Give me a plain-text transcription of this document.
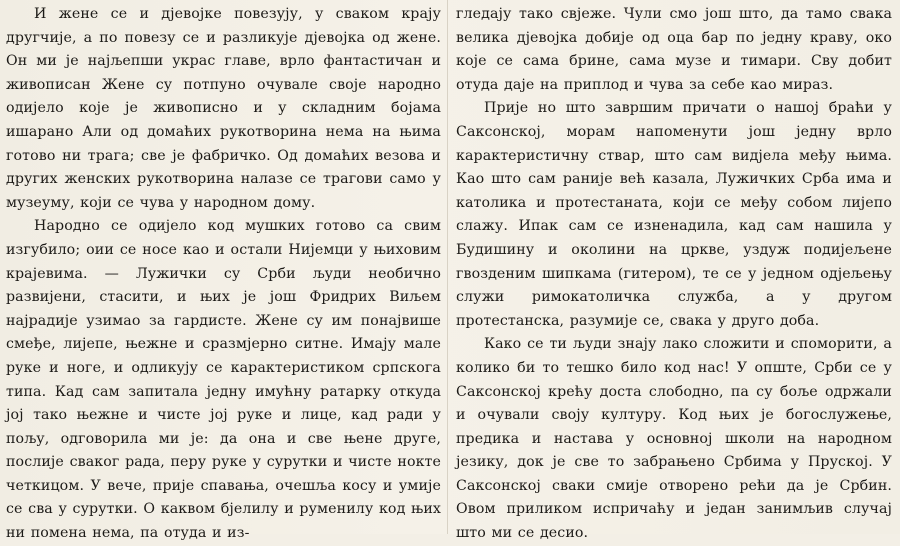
И жене се и дјевојке повезују, у сваком крају другчије, а по повезу се и разликује дјевојка од жене. Он ми је најљепши украс главе, врло фантастичан и живописан Жене су потпуно очувале своје народно одијело које је живописно и у складним бојама ишарано Али од домаћих рукотворина нема на њима готово ни трага; све је фабричко. Од домаћих везова и других женских рукотворина налазе се трагови само у музеуму, који се чува у народном дому.

Народно се одијело код мушких готово са свим изгубило; оии се носе као и остали Нијемци у њиховим крајевима. — Лужички су Срби људи необично развијени, стасити, и њих је још Фридрих Виљем најрадије узимао за гардисте. Жене су им понајвише смеђе, лијепе, њежне и сразмјерно ситне. Имају мале руке и ноге, и одликују се карактеристиком српскога типа. Кад сам запитала једну имућну ратарку откуда јој тако њежне и чисте јој руке и лице, кад ради у пољу, одговорила ми је: да она и све њене друге, послије сваког рада, перу руке у сурутки и чисте нокте четкицом. У вече, прије спавања, очешља косу и умије се сва у сурутки. О каквом бјелилу и руменилу код њих ни помена нема, па отуда и из-

гледају тако свјеже. Чули смо још што, да тамо свака велика дјевојка добије од оца бар по једну краву, око које се сама брине, сама музе и тимари. Сву добит отуда даје на приплод и чува за себе као мираз.

Прије но што завршим причати о нашој браћи у Саксонској, морам напоменути још једну врло карактеристичну ствар, што сам видјела међу њима. Као што сам раније већ казала, Лужичких Срба има и католика и протестаната, који се међу собом лијепо слажу. Ипак сам се изненадила, кад сам нашила у Будишину и околини на цркве, уздуж подијељене гвозденим шипкама (гитером), те се у једном одјељењу служи римокатоличка служба, а у другом протестанска, разумије се, свака у друго доба.

Како се ти људи знају лако сложити и споморити, а колико би то тешко било код нас! У опште, Срби се у Саксонској крећу доста слободно, па су боље одржали и очували своју културу. Код њих је богослужење, предика и настава у основној школи на народном језику, док је све то забрањено Србима у Пруској. У Саксонској сваки смије отворено рећи да је Србин. Овом приликом испричаћу и један занимљив случај што ми се десио.
